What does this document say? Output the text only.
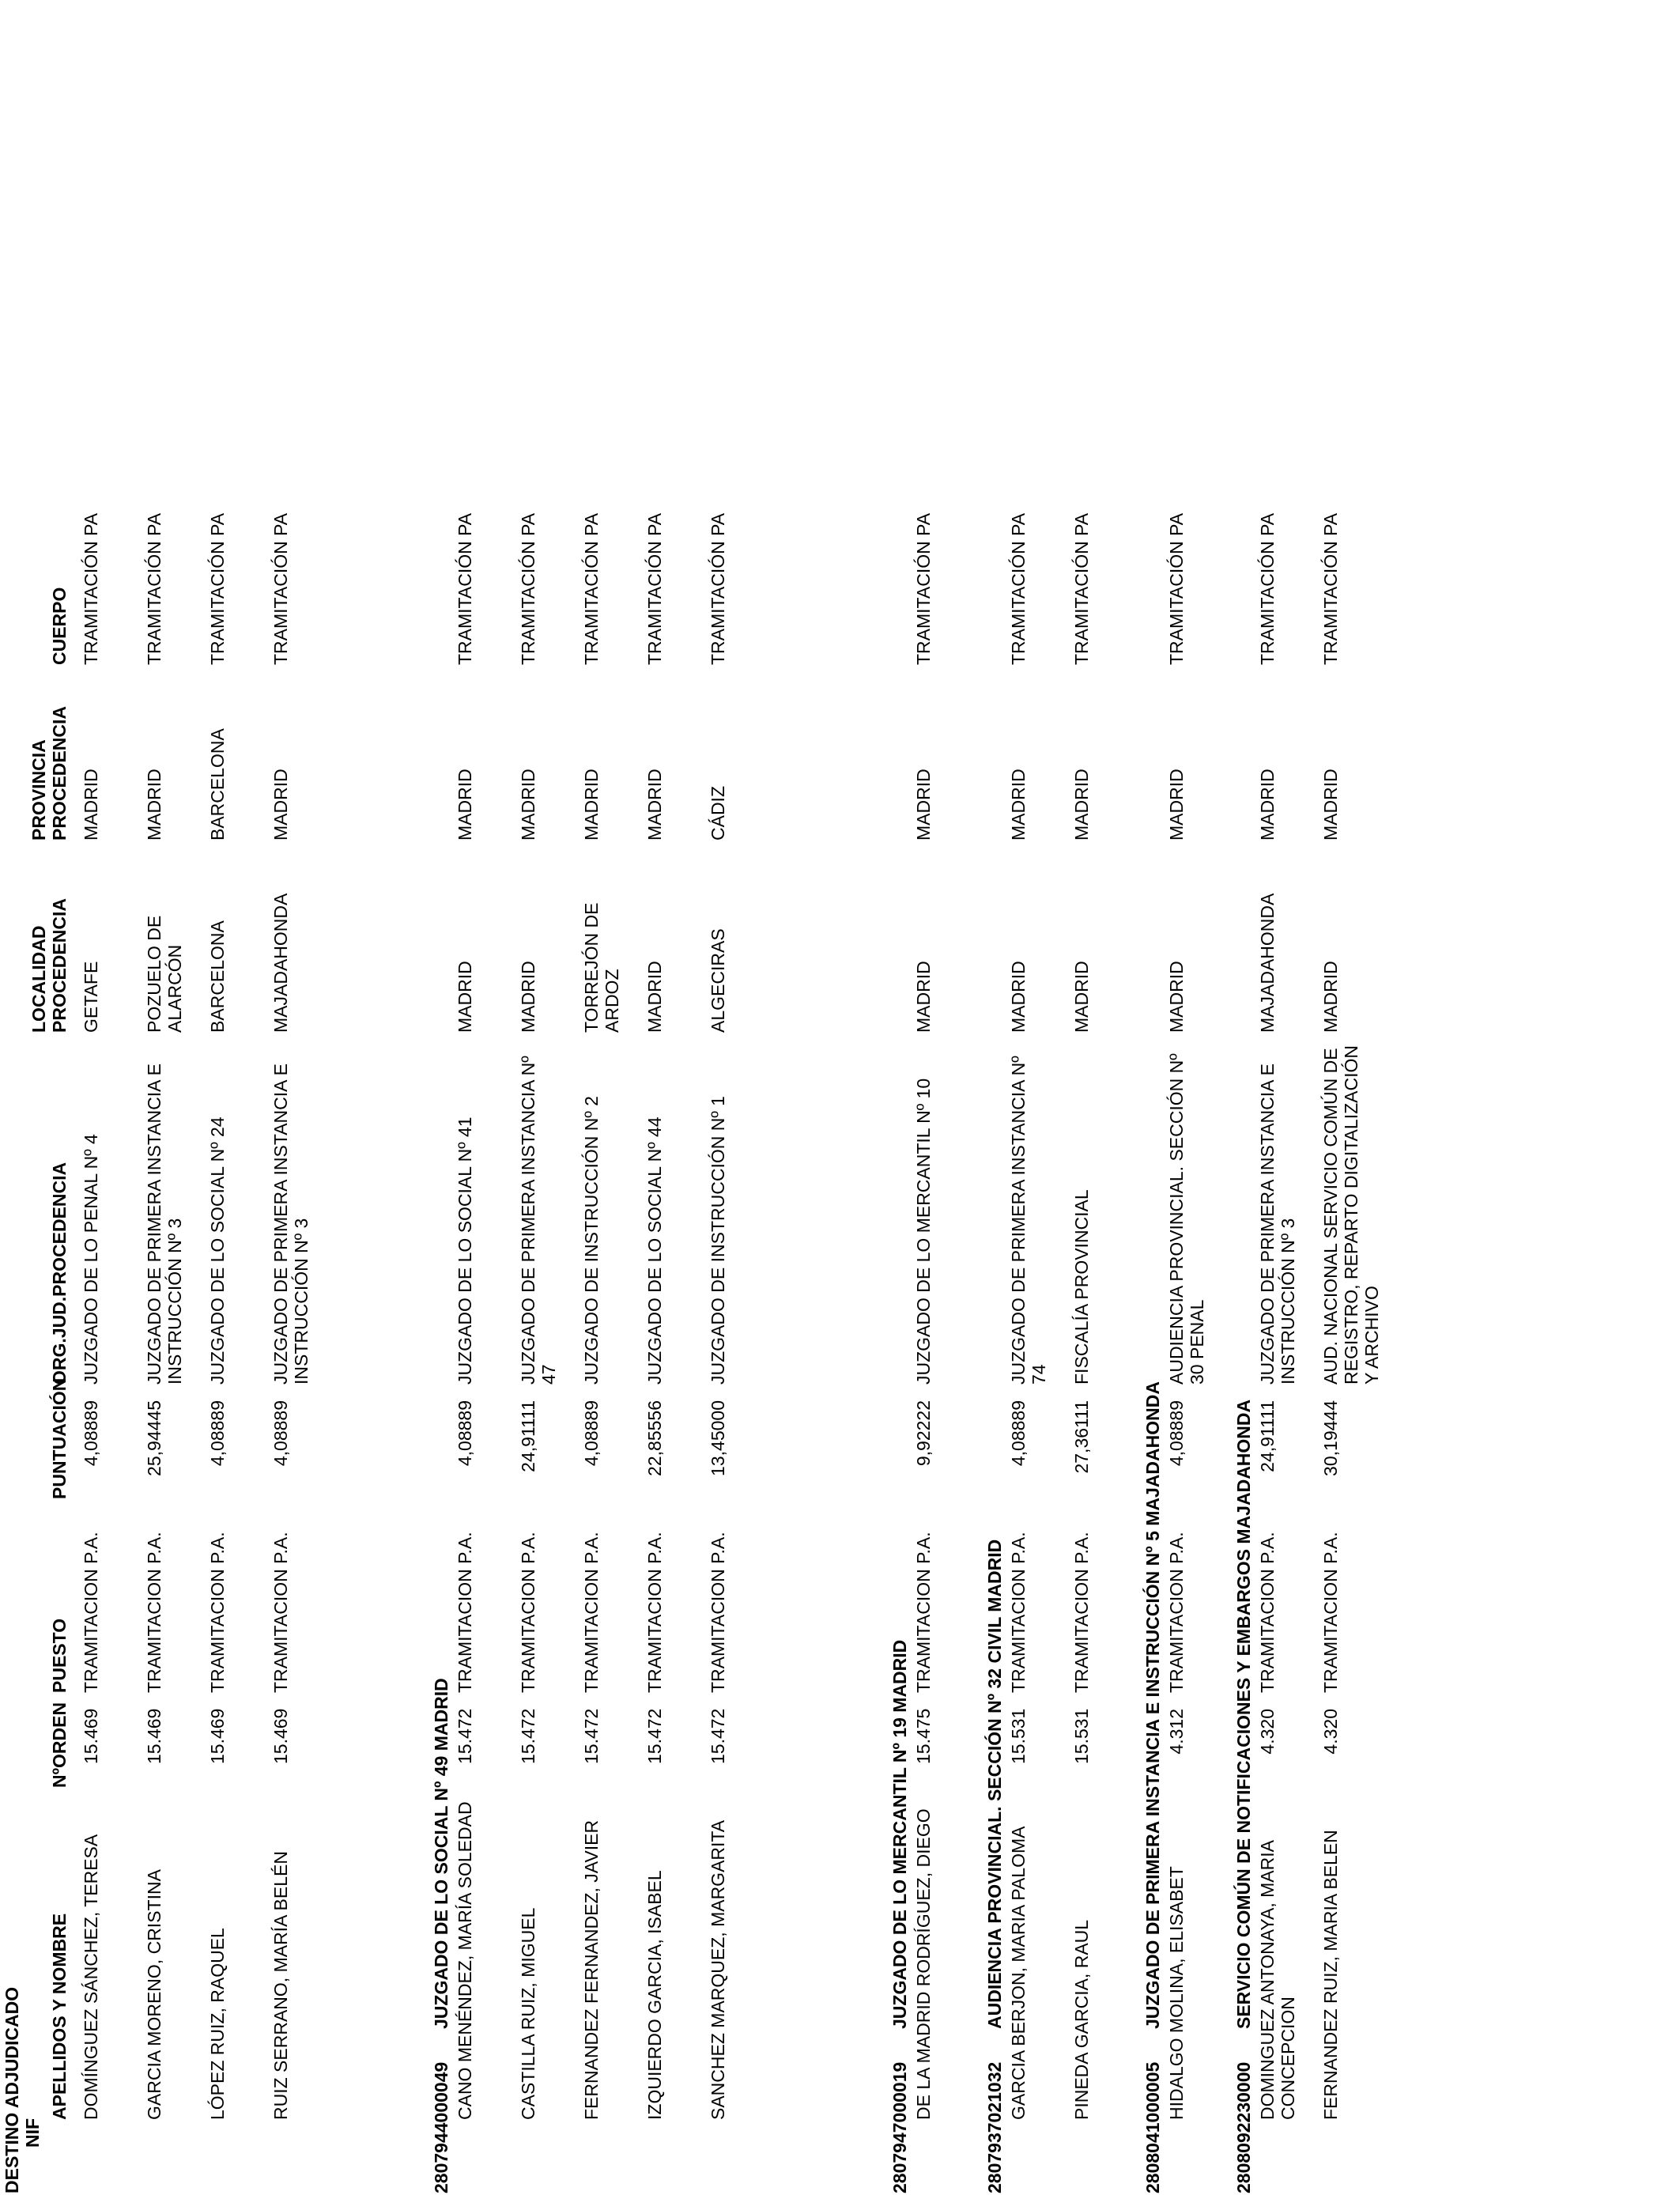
DESTINO ADJUDICADO NIF
APELLIDOS Y NOMBRE
NºORDEN
PUESTO
PUNTUACIÓN
ORG.JUD.PROCEDENCIA
LOCALIDAD PROCEDENCIA
PROVINCIA PROCEDENCIA
CUERPO
DOMÍNGUEZ SÁNCHEZ, TERESA
15.469
TRAMITACION P.A.
4,08889
JUZGADO DE LO PENAL Nº 4
GETAFE
MADRID
TRAMITACIÓN PA
GARCIA MORENO, CRISTINA
15.469
TRAMITACION P.A.
25,94445
JUZGADO DE PRIMERA INSTANCIA E INSTRUCCIÓN Nº 3
POZUELO DE ALARCÓN
MADRID
TRAMITACIÓN PA
LÓPEZ RUIZ, RAQUEL
15.469
TRAMITACION P.A.
4,08889
JUZGADO DE LO SOCIAL Nº 24
BARCELONA
BARCELONA
TRAMITACIÓN PA
RUIZ SERRANO, MARÍA BELÉN
15.469
TRAMITACION P.A.
4,08889
JUZGADO DE PRIMERA INSTANCIA E INSTRUCCIÓN Nº 3
MAJADAHONDA
MADRID
TRAMITACIÓN PA
2807944000049
JUZGADO DE LO SOCIAL Nº 49 MADRID CANO MENÉNDEZ, MARÍA SOLEDAD
15.472
TRAMITACION P.A.
4,08889
JUZGADO DE LO SOCIAL Nº 41
MADRID
MADRID
TRAMITACIÓN PA
CASTILLA RUIZ, MIGUEL
15.472
TRAMITACION P.A.
24,91111
JUZGADO DE PRIMERA INSTANCIA Nº 47
MADRID
MADRID
TRAMITACIÓN PA
FERNANDEZ FERNANDEZ, JAVIER
15.472
TRAMITACION P.A.
4,08889
JUZGADO DE INSTRUCCIÓN Nº 2
TORREJÓN DE ARDOZ
MADRID
TRAMITACIÓN PA
IZQUIERDO GARCIA, ISABEL
15.472
TRAMITACION P.A.
22,85556
JUZGADO DE LO SOCIAL Nº 44
MADRID
MADRID
TRAMITACIÓN PA
SANCHEZ MARQUEZ, MARGARITA
15.472
TRAMITACION P.A.
13,45000
JUZGADO DE INSTRUCCIÓN Nº 1
ALGECIRAS
CÁDIZ
TRAMITACIÓN PA
2807947000019
JUZGADO DE LO MERCANTIL Nº 19 MADRID DE LA MADRID RODRÍGUEZ, DIEGO
15.475
TRAMITACION P.A.
9,92222
JUZGADO DE LO MERCANTIL Nº 10
MADRID
MADRID
TRAMITACIÓN PA
2807937021032
AUDIENCIA PROVINCIAL. SECCIÓN Nº 32 CIVIL MADRID GARCIA BERJON, MARIA PALOMA
15.531
TRAMITACION P.A.
4,08889
JUZGADO DE PRIMERA INSTANCIA Nº 74
MADRID
MADRID
TRAMITACIÓN PA
PINEDA GARCIA, RAUL
15.531
TRAMITACION P.A.
27,36111
FISCALÍA PROVINCIAL
MADRID
MADRID
TRAMITACIÓN PA
2808041000005
JUZGADO DE PRIMERA INSTANCIA E INSTRUCCIÓN Nº 5 MAJADAHONDA HIDALGO MOLINA, ELISABET
4.312
TRAMITACION P.A.
4,08889
AUDIENCIA PROVINCIAL. SECCIÓN Nº 30 PENAL
MADRID
MADRID
TRAMITACIÓN PA
2808092230000
SERVICIO COMÚN DE NOTIFICACIONES Y EMBARGOS MAJADAHONDA DOMINGUEZ ANTONAYA, MARIA CONCEPCION
4.320
TRAMITACION P.A.
24,91111
JUZGADO DE PRIMERA INSTANCIA E INSTRUCCIÓN Nº 3
MAJADAHONDA
MADRID
TRAMITACIÓN PA
FERNANDEZ RUIZ, MARIA BELEN
4.320
TRAMITACION P.A.
30,19444
AUD. NACIONAL SERVICIO COMÚN DE REGISTRO, REPARTO DIGITALIZACIÓN Y ARCHIVO
MADRID
MADRID
TRAMITACIÓN PA
